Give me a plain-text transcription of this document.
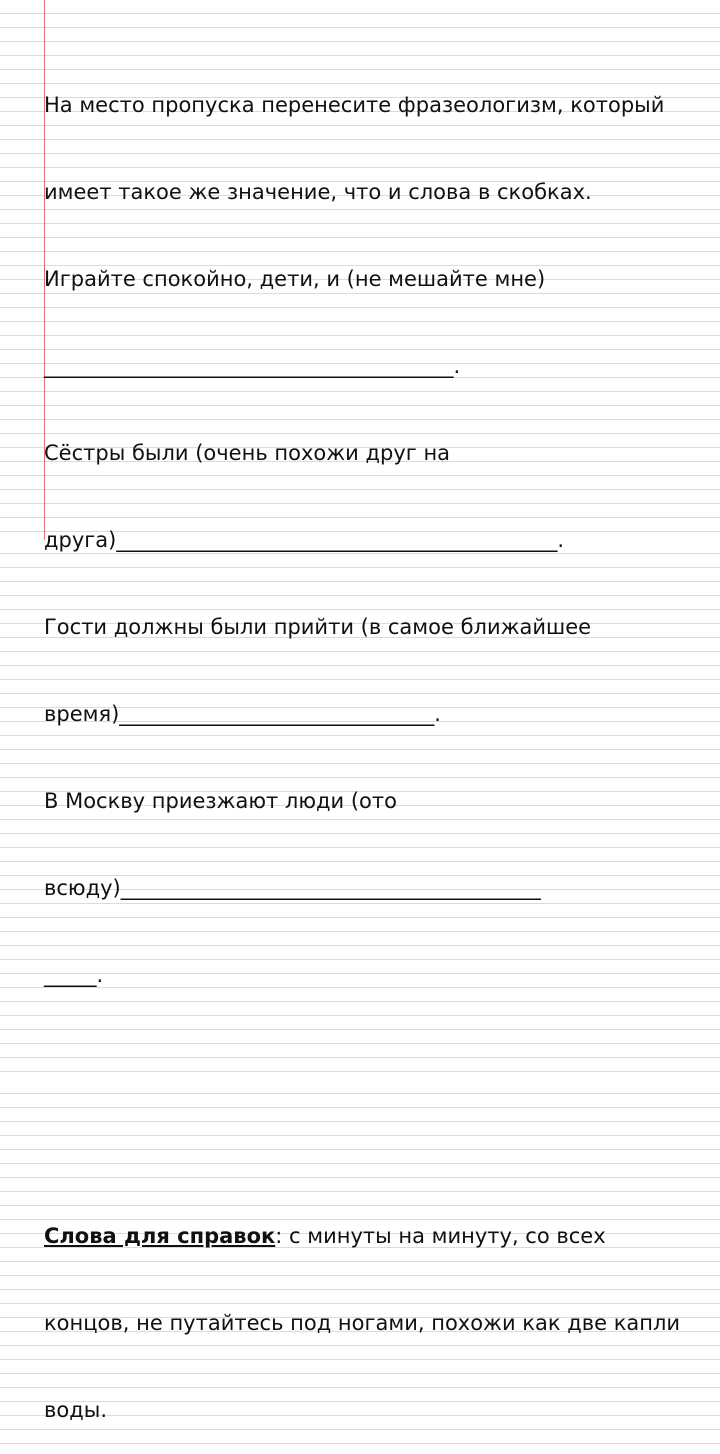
На место пропуска перенесите фразеологизм, который

имеет такое же значение, что и слова в скобках.

Играйте спокойно, дети, и (не мешайте мне)

_______________________________________.

Сёстры были (очень похожи друг на

друга)__________________________________________.

Гости должны были прийти (в самое ближайшее

время)______________________________.

В Москву приезжают люди (ото

всюду)________________________________________

_____.

Слова для справок: с минуты на минуту, со всех

концов, не путайтесь под ногами, похожи как две капли

воды.
